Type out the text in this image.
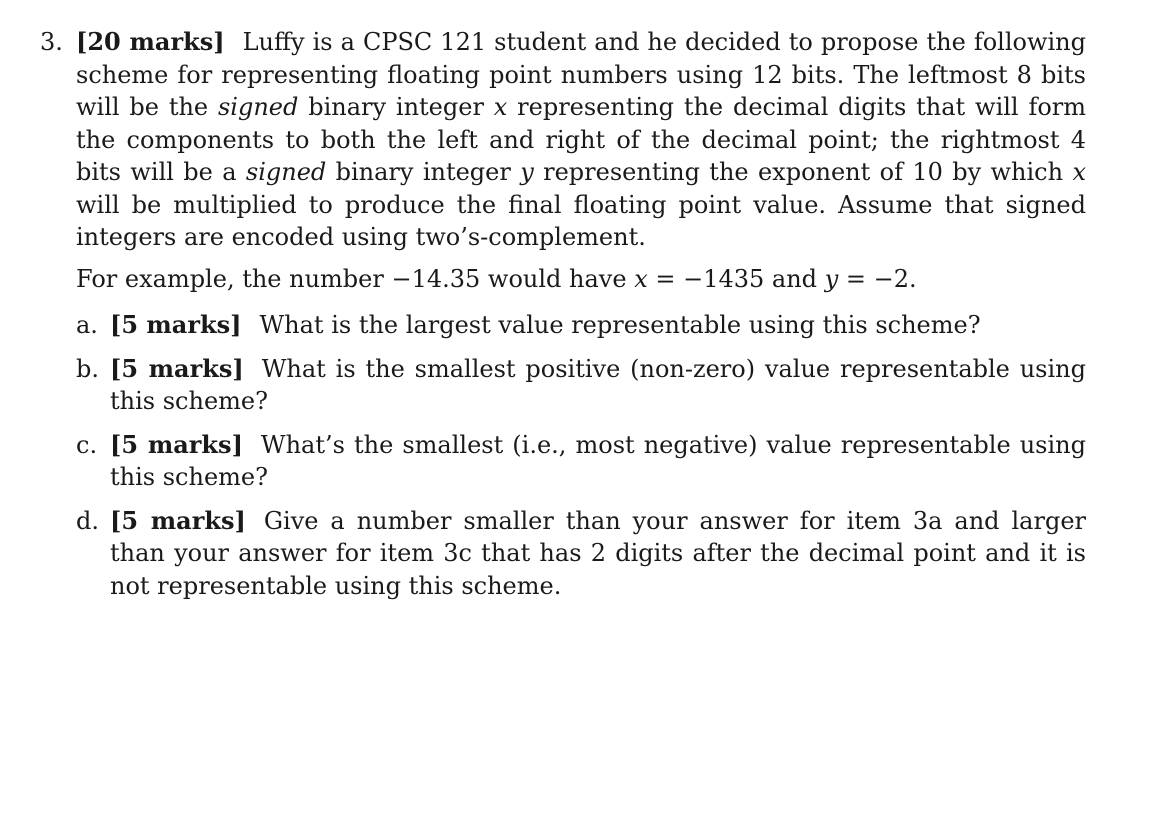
3. [20 marks] Luffy is a CPSC 121 student and he decided to propose the following scheme for representing floating point numbers using 12 bits. The leftmost 8 bits will be the signed binary integer x representing the decimal digits that will form the components to both the left and right of the decimal point; the rightmost 4 bits will be a signed binary integer y representing the exponent of 10 by which x will be multiplied to produce the final floating point value. Assume that signed integers are encoded using two’s-complement.

For example, the number −14.35 would have x = −1435 and y = −2.

a. [5 marks] What is the largest value representable using this scheme?
b. [5 marks] What is the smallest positive (non-zero) value representable using this scheme?
c. [5 marks] What’s the smallest (i.e., most negative) value representable using this scheme?
d. [5 marks] Give a number smaller than your answer for item 3a and larger than your answer for item 3c that has 2 digits after the decimal point and it is not representable using this scheme.
